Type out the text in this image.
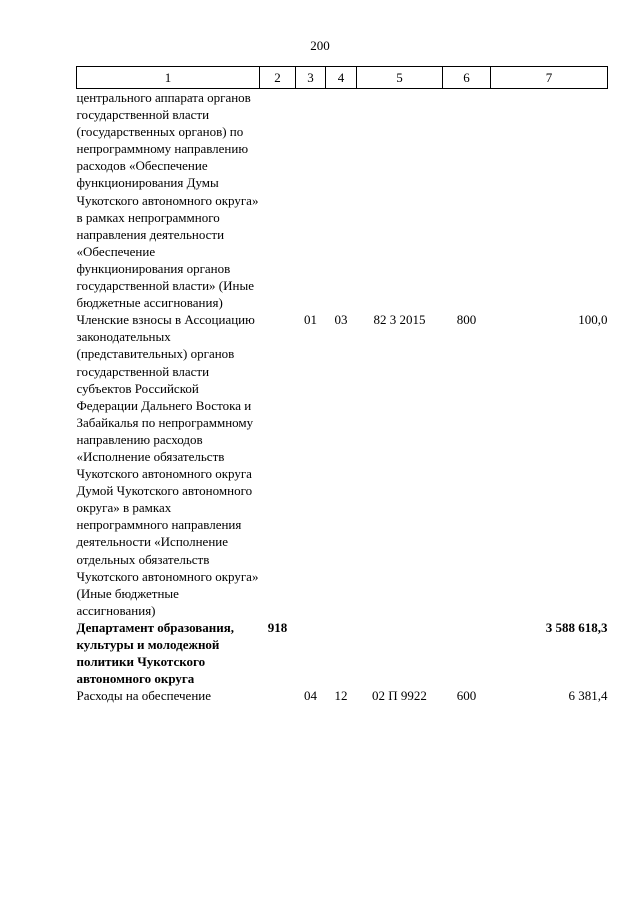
200
1	2	3	4	5	6	7
центрального аппарата органов государственной власти (государственных органов) по непрограммному направлению расходов «Обеспечение функционирования Думы Чукотского автономного округа» в рамках непрограммного направления деятельности «Обеспечение функционирования органов государственной власти» (Иные бюджетные ассигнования)						
Членские взносы в Ассоциацию законодательных (представительных) органов государственной власти субъектов Российской Федерации Дальнего Востока и Забайкалья по непрограммному направлению расходов «Исполнение обязательств Чукотского автономного округа Думой Чукотского автономного округа» в рамках непрограммного направления деятельности «Исполнение отдельных обязательств Чукотского автономного округа» (Иные бюджетные ассигнования)		01	03	82 3 2015	800	100,0
Департамент образования, культуры и молодежной политики Чукотского автономного округа	918					3 588 618,3
Расходы на обеспечение		04	12	02 П 9922	600	6 381,4
